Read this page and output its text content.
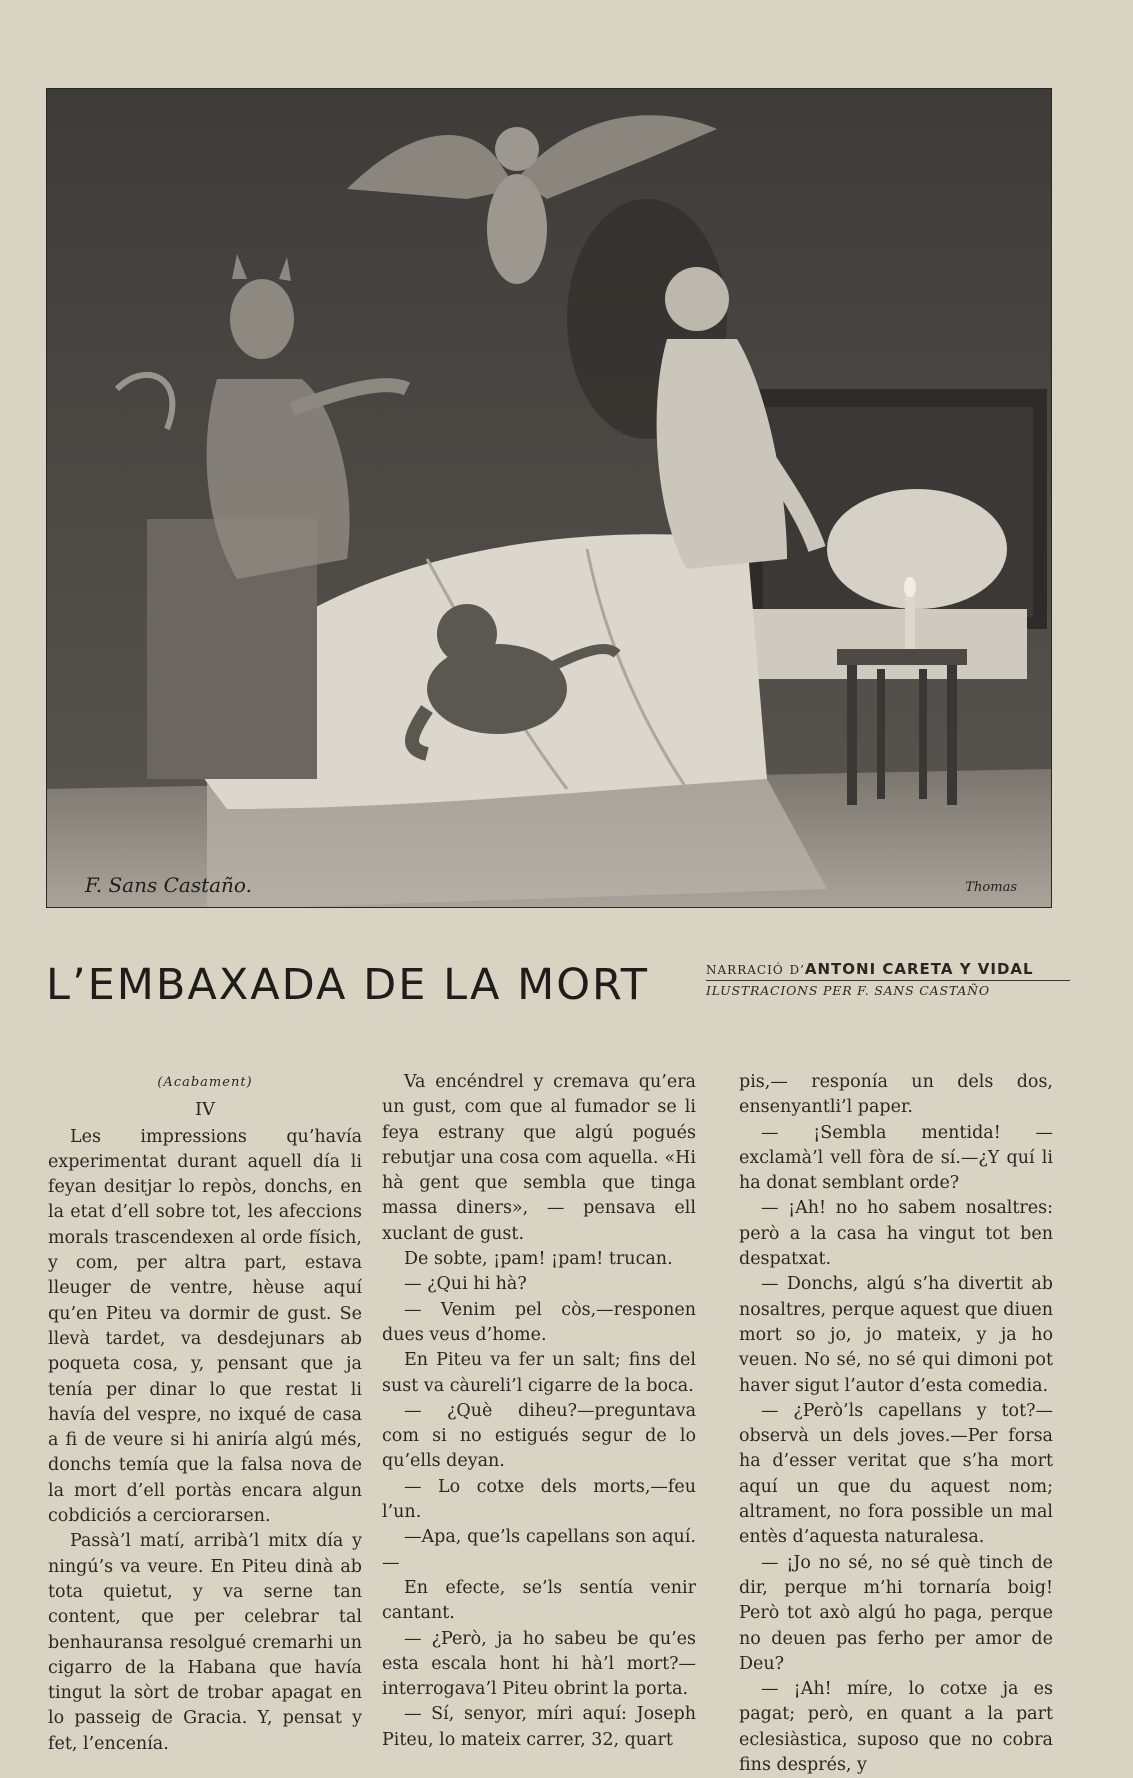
F. Sans Castaño.	Thomas
L’EMBAXADA DE LA MORT	NARRACIÓ D’ANTONI CARETA Y VIDAL
ILUSTRACIONS PER F. SANS CASTAÑO
(Acabament)
IV

Les impressions qu’havía experimentat durant aquell día li feyan desitjar lo repòs, donchs, en la etat d’ell sobre tot, les afeccions morals trascendexen al orde físich, y com, per altra part, estava lleuger de ventre, hèuse aquí qu’en Piteu va dormir de gust. Se llevà tardet, va desdejunars ab poqueta cosa, y, pensant que ja tenía per dinar lo que restat li havía del vespre, no ixqué de casa a fi de veure si hi aniría algú més, donchs temía que la falsa nova de la mort d’ell portàs encara algun cobdiciós a cerciorarsen.

Passà’l matí, arribà’l mitx día y ningú’s va veure. En Piteu dinà ab tota quietut, y va serne tan content, que per celebrar tal benhauransa resolgué cremarhi un cigarro de la Habana que havía tingut la sòrt de trobar apagat en lo passeig de Gracia. Y, pensat y fet, l’encenía.

Va encéndrel y cremava qu’era un gust, com que al fumador se li feya estrany que algú pogués rebutjar una cosa com aquella. «Hi hà gent que sembla que tinga massa diners», — pensava ell xuclant de gust.

De sobte, ¡pam! ¡pam! trucan.

— ¿Qui hi hà?

— Venim pel còs,—responen dues veus d’home.

En Piteu va fer un salt; fins del sust va càureli’l cigarre de la boca.

— ¿Què diheu?—preguntava com si no estigués segur de lo qu’ells deyan.

— Lo cotxe dels morts,—feu l’un.

—Apa, que’ls capellans son aquí.—

En efecte, se’ls sentía venir cantant.

— ¿Però, ja ho sabeu be qu’es esta escala hont hi hà’l mort?—interrogava’l Piteu obrint la porta.

— Sí, senyor, míri aquí: Joseph Piteu, lo mateix carrer, 32, quart

pis,— responía un dels dos, ensenyantli’l paper.

— ¡Sembla mentida! — exclamà’l vell fòra de sí.—¿Y quí li ha donat semblant orde?

— ¡Ah! no ho sabem nosaltres: però a la casa ha vingut tot ben despatxat.

— Donchs, algú s’ha divertit ab nosaltres, perque aquest que diuen mort so jo, jo mateix, y ja ho veuen. No sé, no sé qui dimoni pot haver sigut l’autor d’esta comedia.

— ¿Però’ls capellans y tot?—observà un dels joves.—Per forsa ha d’esser veritat que s’ha mort aquí un que du aquest nom; altrament, no fora possible un mal entès d’aquesta naturalesa.

— ¡Jo no sé, no sé què tinch de dir, perque m’hi tornaría boig! Però tot axò algú ho paga, perque no deuen pas ferho per amor de Deu?

— ¡Ah! míre, lo cotxe ja es pagat; però, en quant a la part eclesiàstica, suposo que no cobra fins després, y
